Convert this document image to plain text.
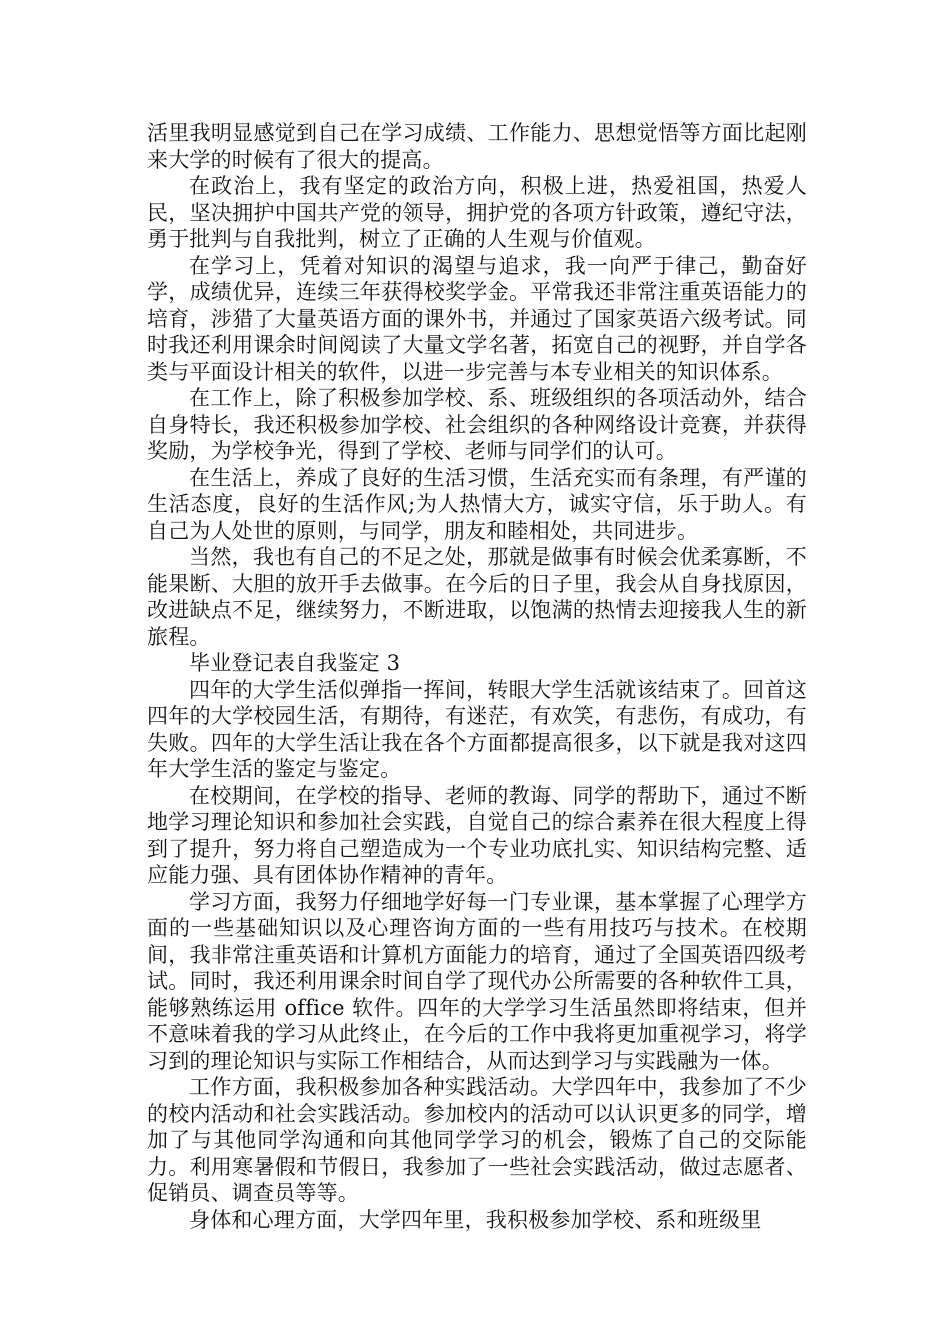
活里我明显感觉到自己在学习成绩、工作能力、思想觉悟等方面比起刚来大学的时候有了很大的提高。

在政治上，我有坚定的政治方向，积极上进，热爱祖国，热爱人民，坚决拥护中国共产党的领导，拥护党的各项方针政策，遵纪守法，勇于批判与自我批判，树立了正确的人生观与价值观。

在学习上，凭着对知识的渴望与追求，我一向严于律己，勤奋好学，成绩优异，连续三年获得校奖学金。平常我还非常注重英语能力的培育，涉猎了大量英语方面的课外书，并通过了国家英语六级考试。同时我还利用课余时间阅读了大量文学名著，拓宽自己的视野，并自学各类与平面设计相关的软件，以进一步完善与本专业相关的知识体系。

在工作上，除了积极参加学校、系、班级组织的各项活动外，结合自身特长，我还积极参加学校、社会组织的各种网络设计竞赛，并获得奖励，为学校争光，得到了学校、老师与同学们的认可。

在生活上，养成了良好的生活习惯，生活充实而有条理，有严谨的生活态度，良好的生活作风;为人热情大方，诚实守信，乐于助人。有自己为人处世的原则，与同学，朋友和睦相处，共同进步。

当然，我也有自己的不足之处，那就是做事有时候会优柔寡断，不能果断、大胆的放开手去做事。在今后的日子里，我会从自身找原因，改进缺点不足，继续努力，不断进取，以饱满的热情去迎接我人生的新旅程。

毕业登记表自我鉴定 3

四年的大学生活似弹指一挥间，转眼大学生活就该结束了。回首这四年的大学校园生活，有期待，有迷茫，有欢笑，有悲伤，有成功，有失败。四年的大学生活让我在各个方面都提高很多，以下就是我对这四年大学生活的鉴定与鉴定。

在校期间，在学校的指导、老师的教诲、同学的帮助下，通过不断地学习理论知识和参加社会实践，自觉自己的综合素养在很大程度上得到了提升，努力将自己塑造成为一个专业功底扎实、知识结构完整、适应能力强、具有团体协作精神的青年。

学习方面，我努力仔细地学好每一门专业课，基本掌握了心理学方面的一些基础知识以及心理咨询方面的一些有用技巧与技术。在校期间，我非常注重英语和计算机方面能力的培育，通过了全国英语四级考试。同时，我还利用课余时间自学了现代办公所需要的各种软件工具，能够熟练运用 office 软件。四年的大学学习生活虽然即将结束，但并不意味着我的学习从此终止，在今后的工作中我将更加重视学习，将学习到的理论知识与实际工作相结合，从而达到学习与实践融为一体。

工作方面，我积极参加各种实践活动。大学四年中，我参加了不少的校内活动和社会实践活动。参加校内的活动可以认识更多的同学，增加了与其他同学沟通和向其他同学学习的机会，锻炼了自己的交际能力。利用寒暑假和节假日，我参加了一些社会实践活动，做过志愿者、促销员、调查员等等。

身体和心理方面，大学四年里，我积极参加学校、系和班级里
